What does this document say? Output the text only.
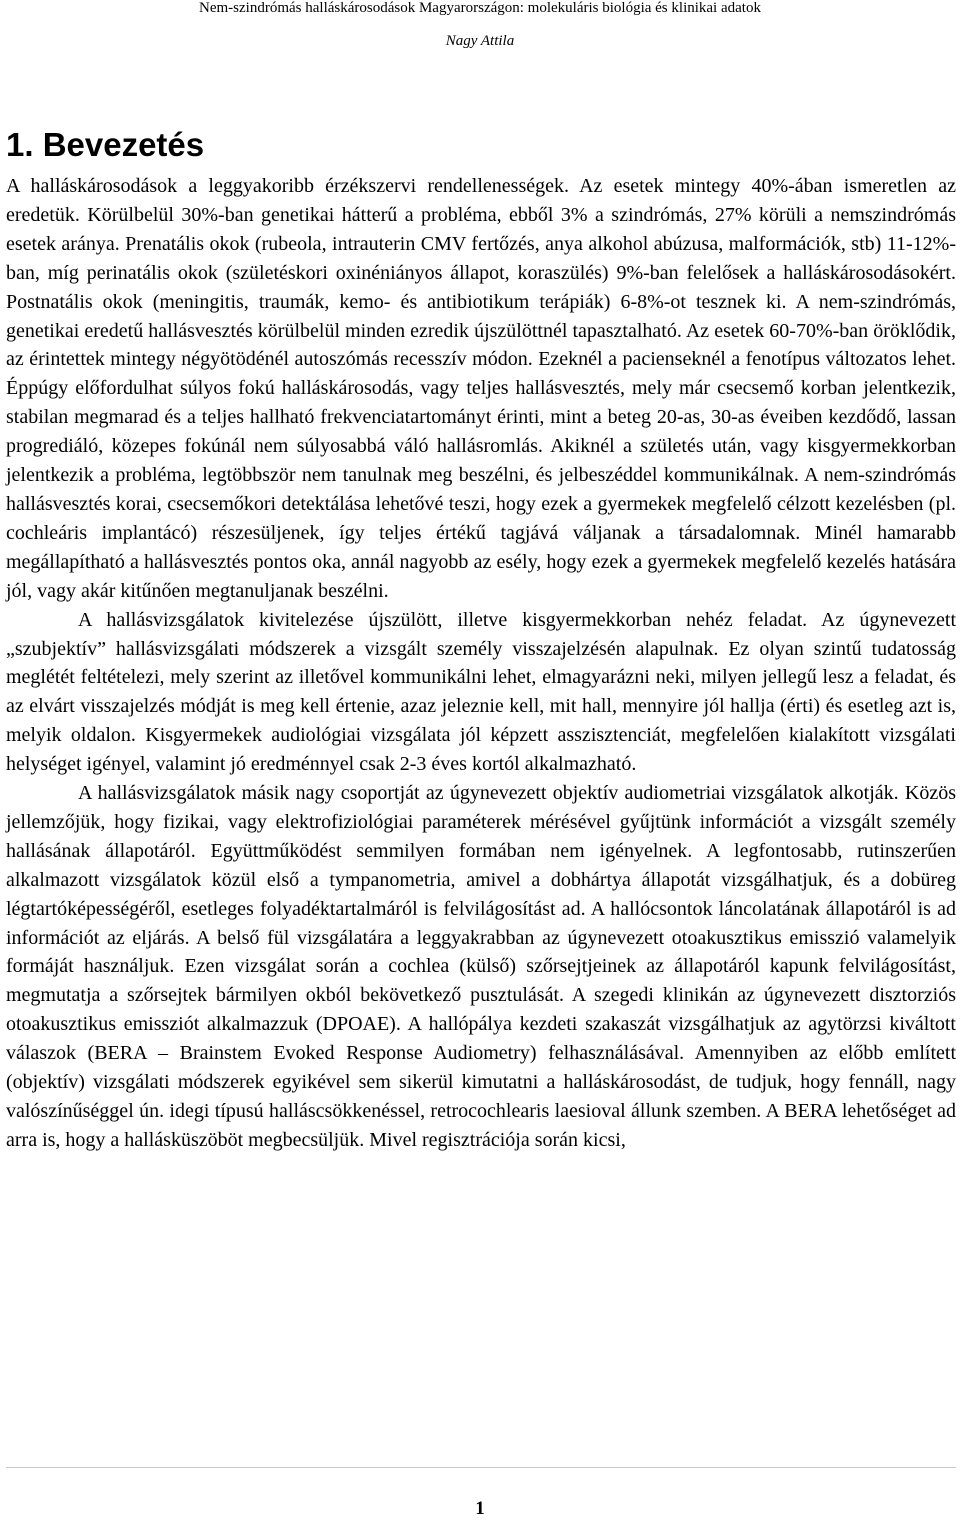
Nem-szindrómás halláskárosodások Magyarországon: molekuláris biológia és klinikai adatok
Nagy Attila
1. Bevezetés

A halláskárosodások a leggyakoribb érzékszervi rendellenességek. Az esetek mintegy 40%-ában ismeretlen az eredetük. Körülbelül 30%-ban genetikai hátterű a probléma, ebből 3% a szindrómás, 27% körüli a nemszindrómás esetek aránya. Prenatális okok (rubeola, intrauterin CMV fertőzés, anya alkohol abúzusa, malformációk, stb) 11-12%-ban, míg perinatális okok (születéskori oxinéniányos állapot, koraszülés) 9%-ban felelősek a halláskárosodásokért. Postnatális okok (meningitis, traumák, kemo- és antibiotikum terápiák) 6-8%-ot tesznek ki. A nem-szindrómás, genetikai eredetű hallásvesztés körülbelül minden ezredik újszülöttnél tapasztalható. Az esetek 60-70%-ban öröklődik, az érintettek mintegy négyötödénél autoszómás recesszív módon. Ezeknél a pacienseknél a fenotípus változatos lehet. Éppúgy előfordulhat súlyos fokú halláskárosodás, vagy teljes hallásvesztés, mely már csecsemő korban jelentkezik, stabilan megmarad és a teljes hallható frekvenciatartományt érinti, mint a beteg 20-as, 30-as éveiben kezdődő, lassan progrediáló, közepes fokúnál nem súlyosabbá váló hallásromlás. Akiknél a születés után, vagy kisgyermekkorban jelentkezik a probléma, legtöbbször nem tanulnak meg beszélni, és jelbeszéddel kommunikálnak. A nem-szindrómás hallásvesztés korai, csecsemőkori detektálása lehetővé teszi, hogy ezek a gyermekek megfelelő célzott kezelésben (pl. cochleáris implantácó) részesüljenek, így teljes értékű tagjává váljanak a társadalomnak. Minél hamarabb megállapítható a hallásvesztés pontos oka, annál nagyobb az esély, hogy ezek a gyermekek megfelelő kezelés hatására jól, vagy akár kitűnően megtanuljanak beszélni.

A hallásvizsgálatok kivitelezése újszülött, illetve kisgyermekkorban nehéz feladat. Az úgynevezett „szubjektív” hallásvizsgálati módszerek a vizsgált személy visszajelzésén alapulnak. Ez olyan szintű tudatosság meglétét feltételezi, mely szerint az illetővel kommunikálni lehet, elmagyarázni neki, milyen jellegű lesz a feladat, és az elvárt visszajelzés módját is meg kell értenie, azaz jeleznie kell, mit hall, mennyire jól hallja (érti) és esetleg azt is, melyik oldalon. Kisgyermekek audiológiai vizsgálata jól képzett asszisztenciát, megfelelően kialakított vizsgálati helységet igényel, valamint jó eredménnyel csak 2-3 éves kortól alkalmazható.

A hallásvizsgálatok másik nagy csoportját az úgynevezett objektív audiometriai vizsgálatok alkotják. Közös jellemzőjük, hogy fizikai, vagy elektrofiziológiai paraméterek mérésével gyűjtünk információt a vizsgált személy hallásának állapotáról. Együttműködést semmilyen formában nem igényelnek. A legfontosabb, rutinszerűen alkalmazott vizsgálatok közül első a tympanometria, amivel a dobhártya állapotát vizsgálhatjuk, és a dobüreg légtartóképességéről, esetleges folyadéktartalmáról is felvilágosítást ad. A hallócsontok láncolatának állapotáról is ad információt az eljárás. A belső fül vizsgálatára a leggyakrabban az úgynevezett otoakusztikus emisszió valamelyik formáját használjuk. Ezen vizsgálat során a cochlea (külső) szőrsejtjeinek az állapotáról kapunk felvilágosítást, megmutatja a szőrsejtek bármilyen okból bekövetkező pusztulását. A szegedi klinikán az úgynevezett disztorziós otoakusztikus emissziót alkalmazzuk (DPOAE). A hallópálya kezdeti szakaszát vizsgálhatjuk az agytörzsi kiváltott válaszok (BERA – Brainstem Evoked Response Audiometry) felhasználásával. Amennyiben az előbb említett (objektív) vizsgálati módszerek egyikével sem sikerül kimutatni a halláskárosodást, de tudjuk, hogy fennáll, nagy valószínűséggel ún. idegi típusú halláscsökkenéssel, retrocochlearis laesioval állunk szemben. A BERA lehetőséget ad arra is, hogy a hallásküszöböt megbecsüljük. Mivel regisztrációja során kicsi,

1
